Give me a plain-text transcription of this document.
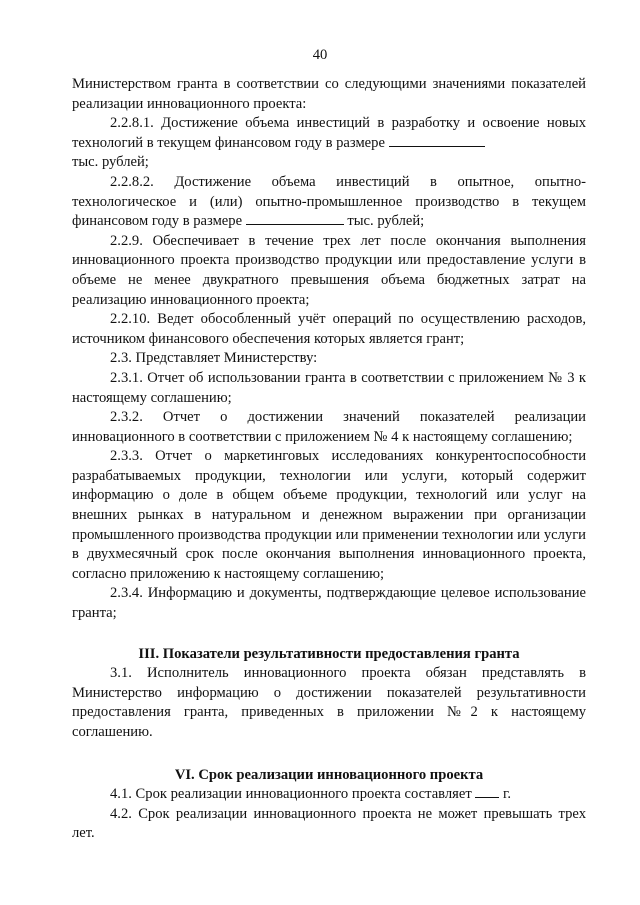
40

Министерством гранта в соответствии со следующими значениями показателей реализации инновационного проекта:

2.2.8.1. Достижение объема инвестиций в разработку и освоение новых технологий в текущем финансовом году в размере

тыс. рублей;

2.2.8.2. Достижение объема инвестиций в опытное, опытно-технологическое и (или) опытно-промышленное производство в текущем финансовом году в размере	тыс. рублей;

2.2.9. Обеспечивает в течение трех лет после окончания выполнения инновационного проекта производство продукции или предоставление услуги в объеме не менее двукратного превышения объема бюджетных затрат на реализацию инновационного проекта;

2.2.10. Ведет обособленный учёт операций по осуществлению расходов, источником финансового обеспечения которых является грант;

2.3. Представляет Министерству:

2.3.1. Отчет об использовании гранта в соответствии с приложением № 3 к настоящему соглашению;

2.3.2. Отчет о достижении значений показателей реализации инновационного в соответствии с приложением № 4 к настоящему соглашению;

2.3.3. Отчет о маркетинговых исследованиях конкурентоспособности разрабатываемых продукции, технологии или услуги, который содержит информацию о доле в общем объеме продукции, технологий или услуг на внешних рынках в натуральном и денежном выражении при организации промышленного производства продукции или применении технологии или услуги в двухмесячный срок после окончания выполнения инновационного проекта, согласно приложению к настоящему соглашению;

2.3.4. Информацию и документы, подтверждающие целевое использование гранта;

III. Показатели результативности предоставления гранта

3.1. Исполнитель инновационного проекта обязан представлять в Министерство информацию о достижении показателей результативности предоставления гранта, приведенных в приложении №2 к настоящему соглашению.

VI. Срок реализации инновационного проекта

4.1. Срок реализации инновационного проекта составляет г.

4.2. Срок реализации инновационного проекта не может превышать трех лет.
